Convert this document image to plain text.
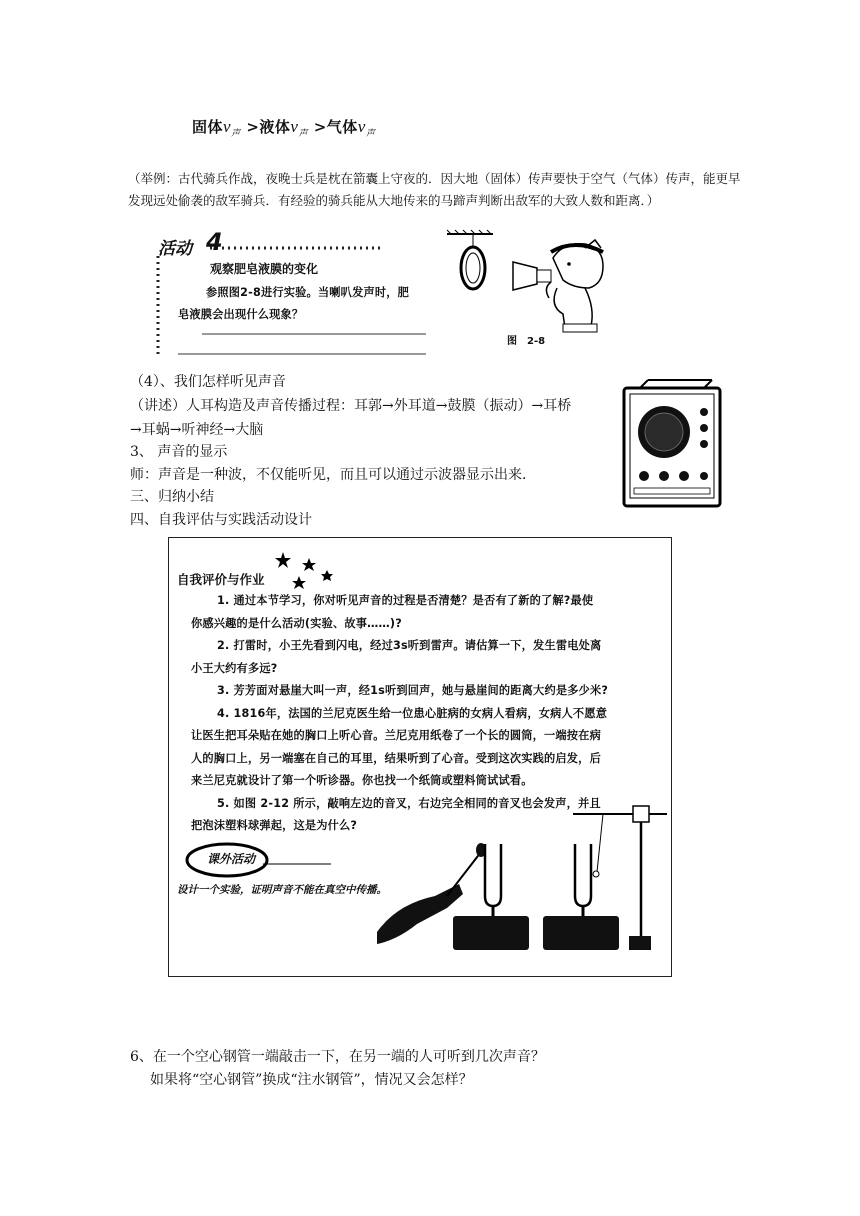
固体$v_声$ >液体$v_声$ >气体$v_声$
（举例：古代骑兵作战，夜晚士兵是枕在箭囊上守夜的．因大地（固体）传声要快于空气（气体）传声，能更早发现远处偷袭的敌军骑兵．有经验的骑兵能从大地传来的马蹄声判断出敌军的大致人数和距离．）
活动 4
观察肥皂液膜的变化
参照图2-8进行实验。当喇叭发声时，肥
皂液膜会出现什么现象？
图　2-8
（4）、我们怎样听见声音
（讲述）人耳构造及声音传播过程：耳郭→外耳道→鼓膜（振动）→耳桥
→耳蜗→听神经→大脑
3、 声音的显示
师：声音是一种波，不仅能听见，而且可以通过示波器显示出来．
三、归纳小结
四、自我评估与实践活动设计
自我评价与作业
1. 通过本节学习，你对听见声音的过程是否清楚？是否有了新的了解?最使
你感兴趣的是什么活动(实验、故事……)?
2. 打雷时，小王先看到闪电，经过3s听到雷声。请估算一下，发生雷电处离
小王大约有多远?
3. 芳芳面对悬崖大叫一声，经1s听到回声，她与悬崖间的距离大约是多少米?
4. 1816年，法国的兰尼克医生给一位患心脏病的女病人看病，女病人不愿意
让医生把耳朵贴在她的胸口上听心音。兰尼克用纸卷了一个长的圆筒，一端按在病
人的胸口上，另一端塞在自己的耳里，结果听到了心音。受到这次实践的启发，后
来兰尼克就设计了第一个听诊器。你也找一个纸筒或塑料筒试试看。
5. 如图 2-12 所示，敲响左边的音叉，右边完全相同的音叉也会发声，并且
把泡沫塑料球弹起，这是为什么?
课外活动
设计一个实验，证明声音不能在真空中传播。
6、在一个空心钢管一端敲击一下，在另一端的人可听到几次声音？
如果将“空心钢管”换成“注水钢管”，情况又会怎样？
